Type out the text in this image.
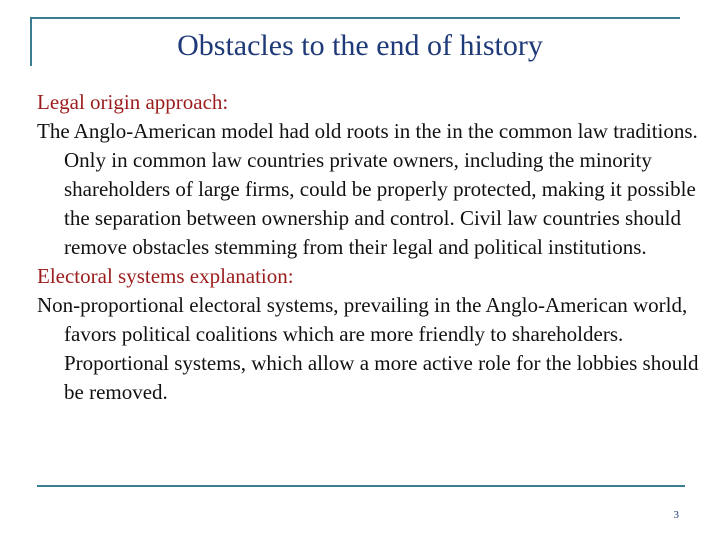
Obstacles to the end of history

Legal origin approach:

The Anglo-American model had old roots in the in the common law traditions. Only in common law countries private owners, including the minority shareholders of large firms, could be properly protected, making it possible the separation between ownership and control. Civil law countries should remove obstacles stemming from their legal and political institutions.

Electoral systems explanation:

Non-proportional electoral systems, prevailing in the Anglo-American world, favors political coalitions which are more friendly to shareholders. Proportional systems, which allow a more active role for the lobbies should be removed.

3
